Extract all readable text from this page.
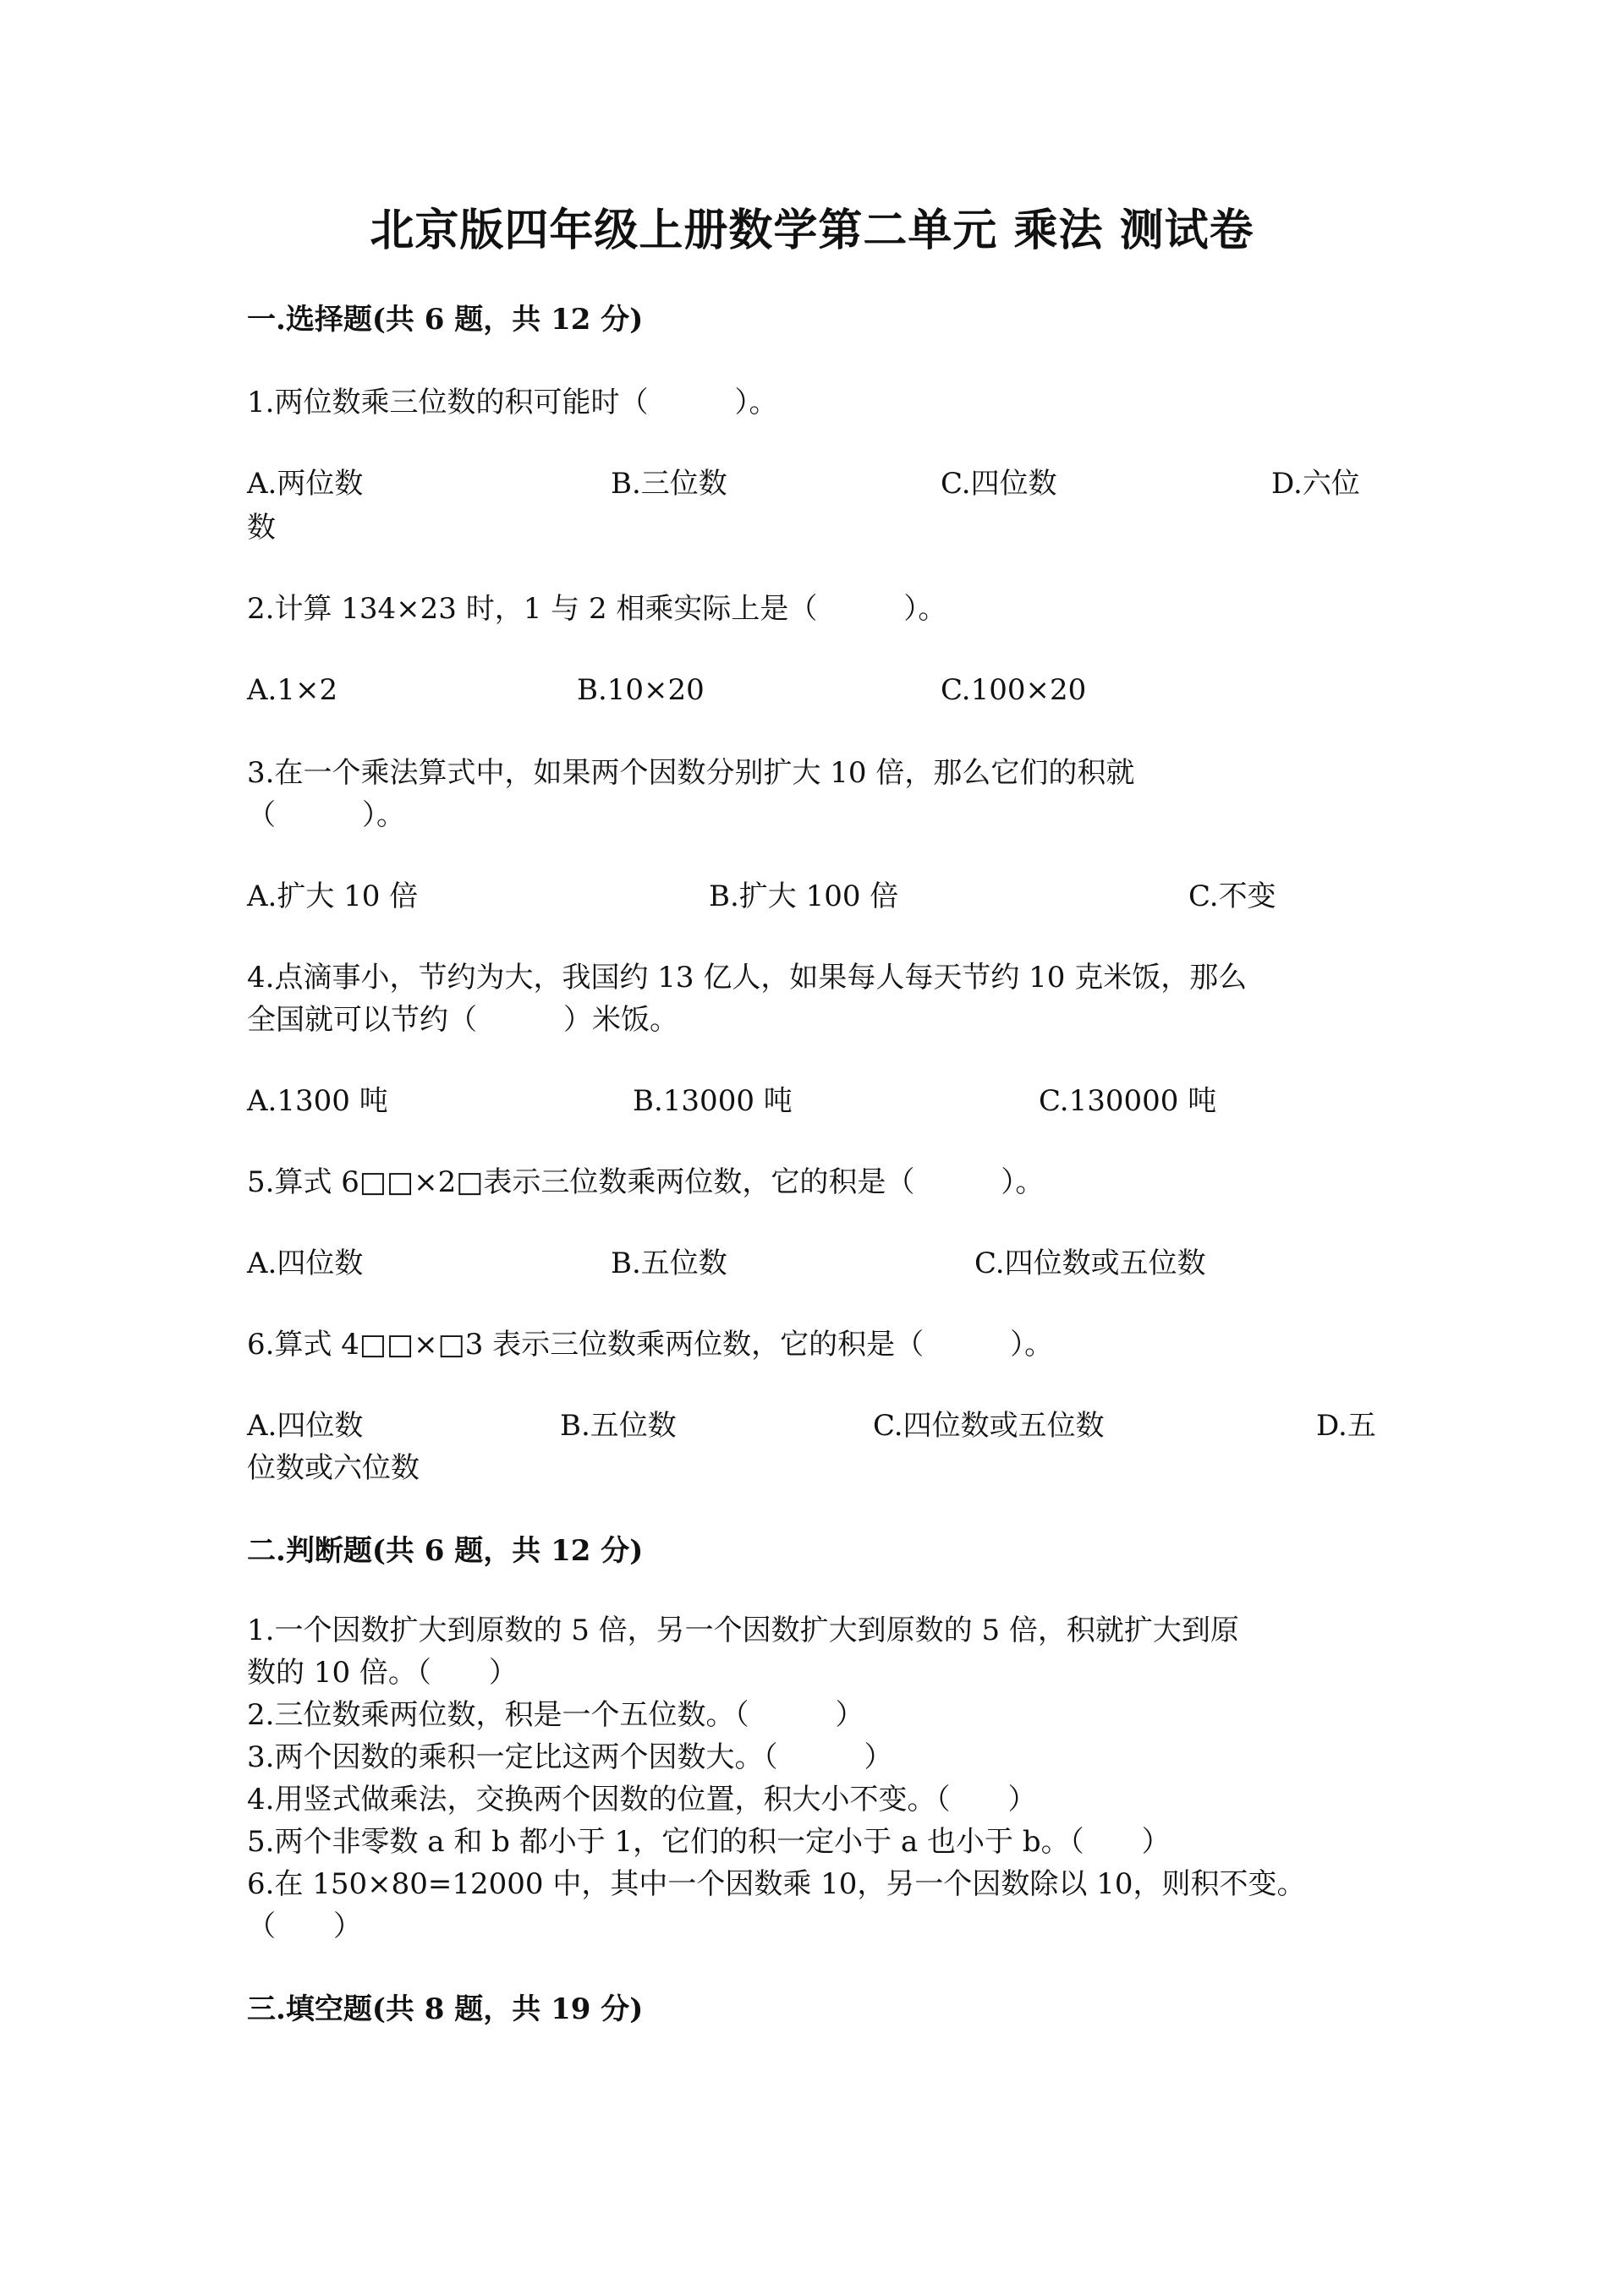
北京版四年级上册数学第二单元 乘法 测试卷
一.选择题(共 6 题，共 12 分)
1.两位数乘三位数的积可能时（　　　）。
A.两位数	B.三位数	C.四位数	D.六位
数
2.计算 134×23 时，1 与 2 相乘实际上是（　　　）。
A.1×2	B.10×20	C.100×20
3.在一个乘法算式中，如果两个因数分别扩大 10 倍，那么它们的积就
（　　　）。
A.扩大 10 倍	B.扩大 100 倍	C.不变
4.点滴事小，节约为大，我国约 13 亿人，如果每人每天节约 10 克米饭，那么
全国就可以节约（　　　）米饭。
A.1300 吨	B.13000 吨	C.130000 吨
5.算式 6□□×2□表示三位数乘两位数，它的积是（　　　）。
A.四位数	B.五位数	C.四位数或五位数
6.算式 4□□×□3 表示三位数乘两位数，它的积是（　　　）。
A.四位数	B.五位数	C.四位数或五位数	D.五
位数或六位数
二.判断题(共 6 题，共 12 分)
1.一个因数扩大到原数的 5 倍，另一个因数扩大到原数的 5 倍，积就扩大到原
数的 10 倍。（　　）
2.三位数乘两位数，积是一个五位数。（　　　）
3.两个因数的乘积一定比这两个因数大。（　　　）
4.用竖式做乘法，交换两个因数的位置，积大小不变。（　　）
5.两个非零数 a 和 b 都小于 1，它们的积一定小于 a 也小于 b。（　　）
6.在 150×80=12000 中，其中一个因数乘 10，另一个因数除以 10，则积不变。
（　　）
三.填空题(共 8 题，共 19 分)
